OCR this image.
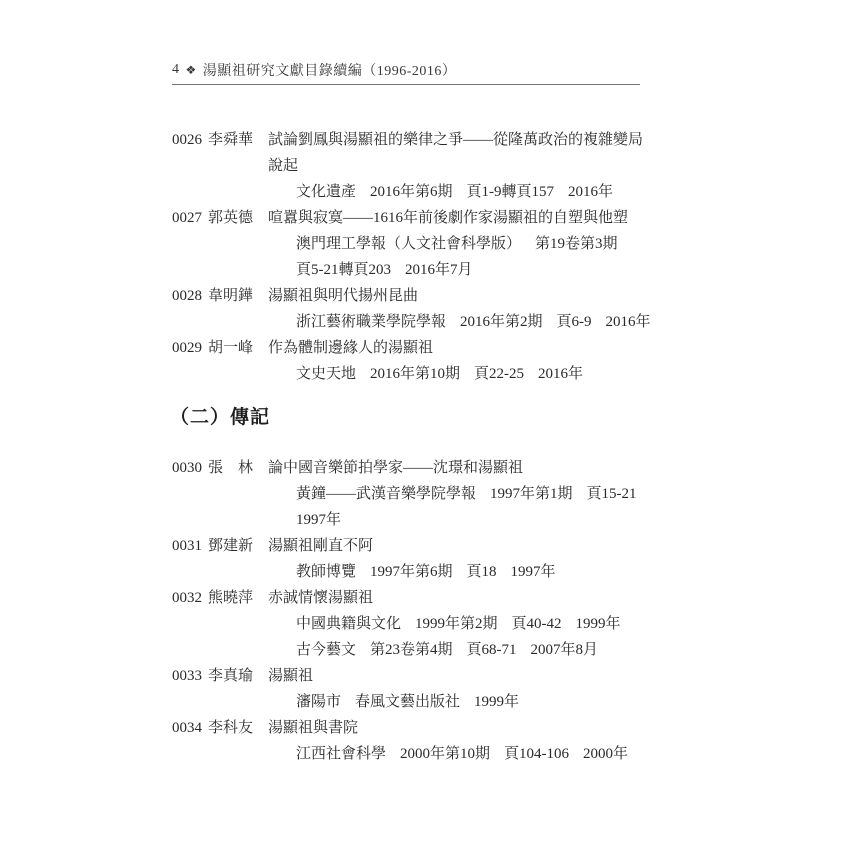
4 ❖ 湯顯祖研究文獻目錄續編（1996-2016）
0026 李舜華 試論劉鳳與湯顯祖的樂律之爭——從隆萬政治的複雜變局
說起
文化遺產 2016年第6期 頁1-9轉頁157 2016年
0027 郭英德 喧囂與寂寞——1616年前後劇作家湯顯祖的自塑與他塑
澳門理工學報（人文社會科學版） 第19卷第3期
頁5-21轉頁203 2016年7月
0028 韋明鏵 湯顯祖與明代揚州昆曲
浙江藝術職業學院學報 2016年第2期 頁6-9 2016年
0029 胡一峰 作為體制邊緣人的湯顯祖
文史天地 2016年第10期 頁22-25 2016年
（二）傳記
0030 張　林 論中國音樂節拍學家——沈璟和湯顯祖
黃鐘——武漢音樂學院學報 1997年第1期 頁15-21
1997年
0031 鄧建新 湯顯祖剛直不阿
教師博覽 1997年第6期 頁18 1997年
0032 熊曉萍 赤誠情懷湯顯祖
中國典籍與文化 1999年第2期 頁40-42 1999年
古今藝文 第23卷第4期 頁68-71 2007年8月
0033 李真瑜 湯顯祖
瀋陽市 春風文藝出版社 1999年
0034 李科友 湯顯祖與書院
江西社會科學 2000年第10期 頁104-106 2000年
